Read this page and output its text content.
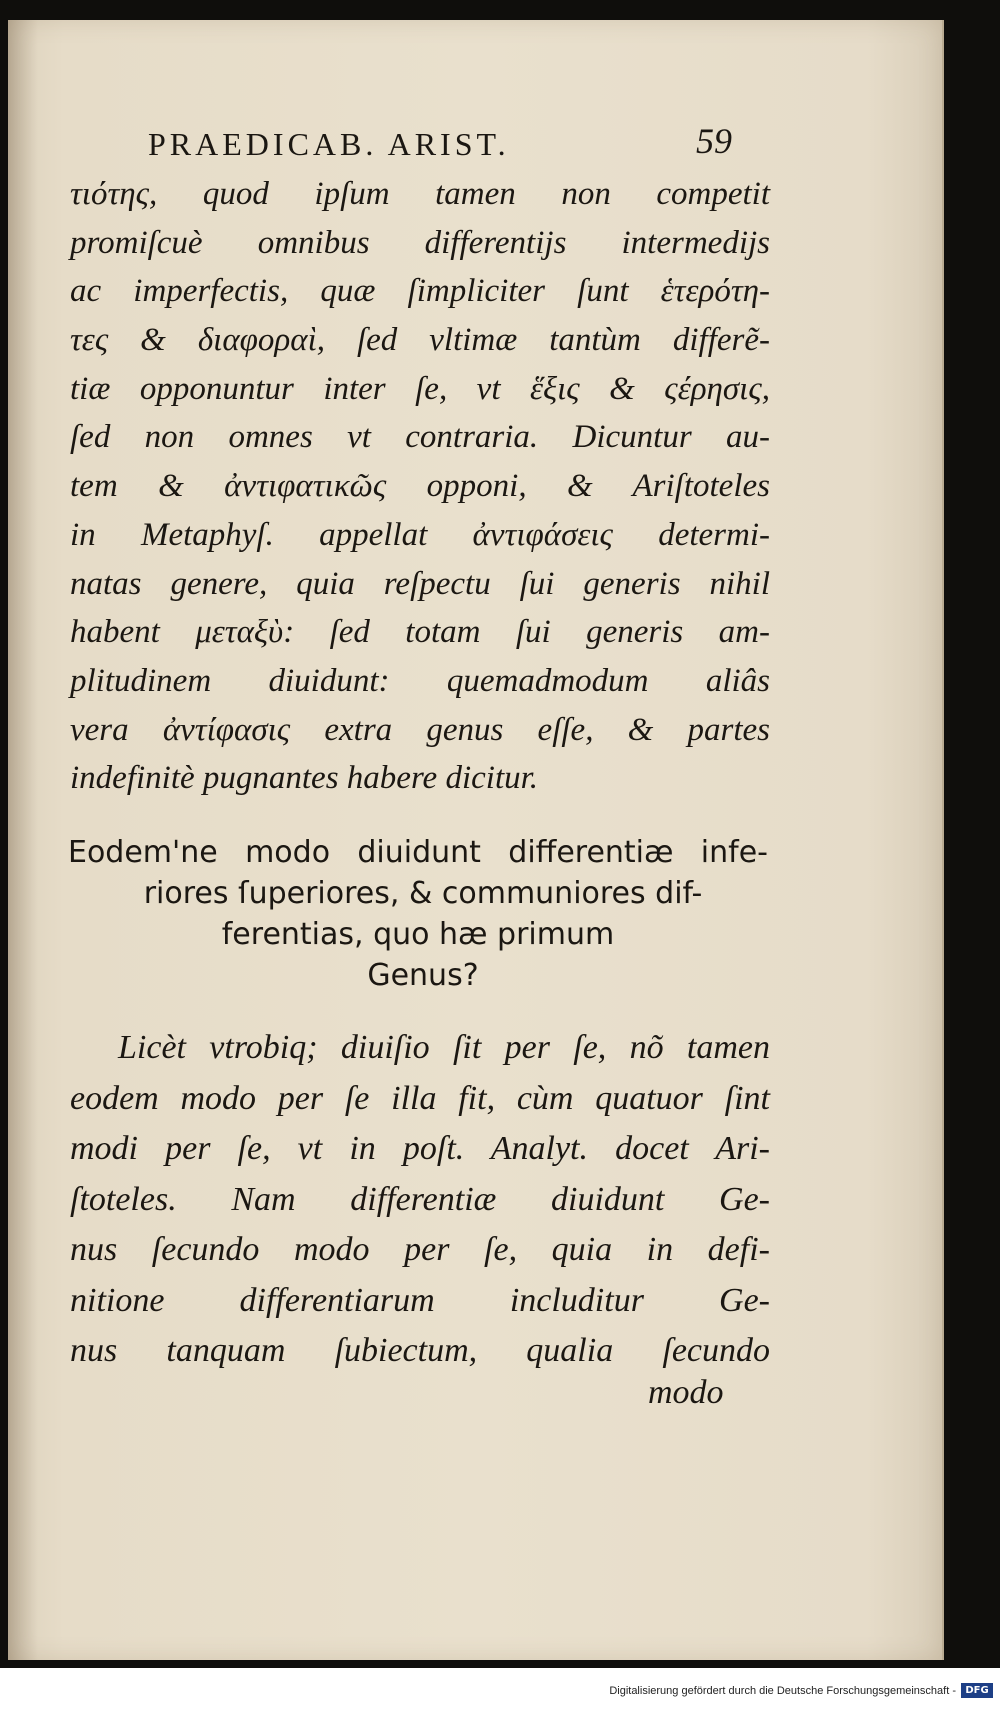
PRAEDICAB. ARIST.	59
τιότης, quod ipſum tamen non competit
promiſcuè omnibus differentijs intermedijs
ac imperfectis, quæ ſimpliciter ſunt ἑτερότη-
τες & διαφοραὶ, ſed vltimæ tantùm differẽ-
tiæ opponuntur inter ſe, vt ἕξις & ςέρησις,
ſed non omnes vt contraria. Dicuntur au-
tem & ἀντιφατικῶς opponi, & Ariſtoteles
in Metaphyſ. appellat ἀντιφάσεις determi-
natas genere, quia reſpectu ſui generis nihil
habent μεταξὺ: ſed totam ſui generis am-
plitudinem diuidunt: quemadmodum aliâs
vera ἀντίφασις extra genus eſſe, & partes
indefinitè pugnantes habere dicitur.
Eodem'ne modo diuidunt differentiæ infe-
riores ſuperiores, & communiores dif-
ferentias, quo hæ primum
Genus?
Licèt vtrobiq; diuiſio ſit per ſe, nõ tamen
eodem modo per ſe illa fit, cùm quatuor ſint
modi per ſe, vt in poſt. Analyt. docet Ari-
ſtoteles. Nam differentiæ diuidunt Ge-
nus ſecundo modo per ſe, quia in defi-
nitione differentiarum includitur Ge-
nus tanquam ſubiectum, qualia ſecundo
modo
Digitalisierung gefördert durch die Deutsche Forschungsgemeinschaft - DFG
